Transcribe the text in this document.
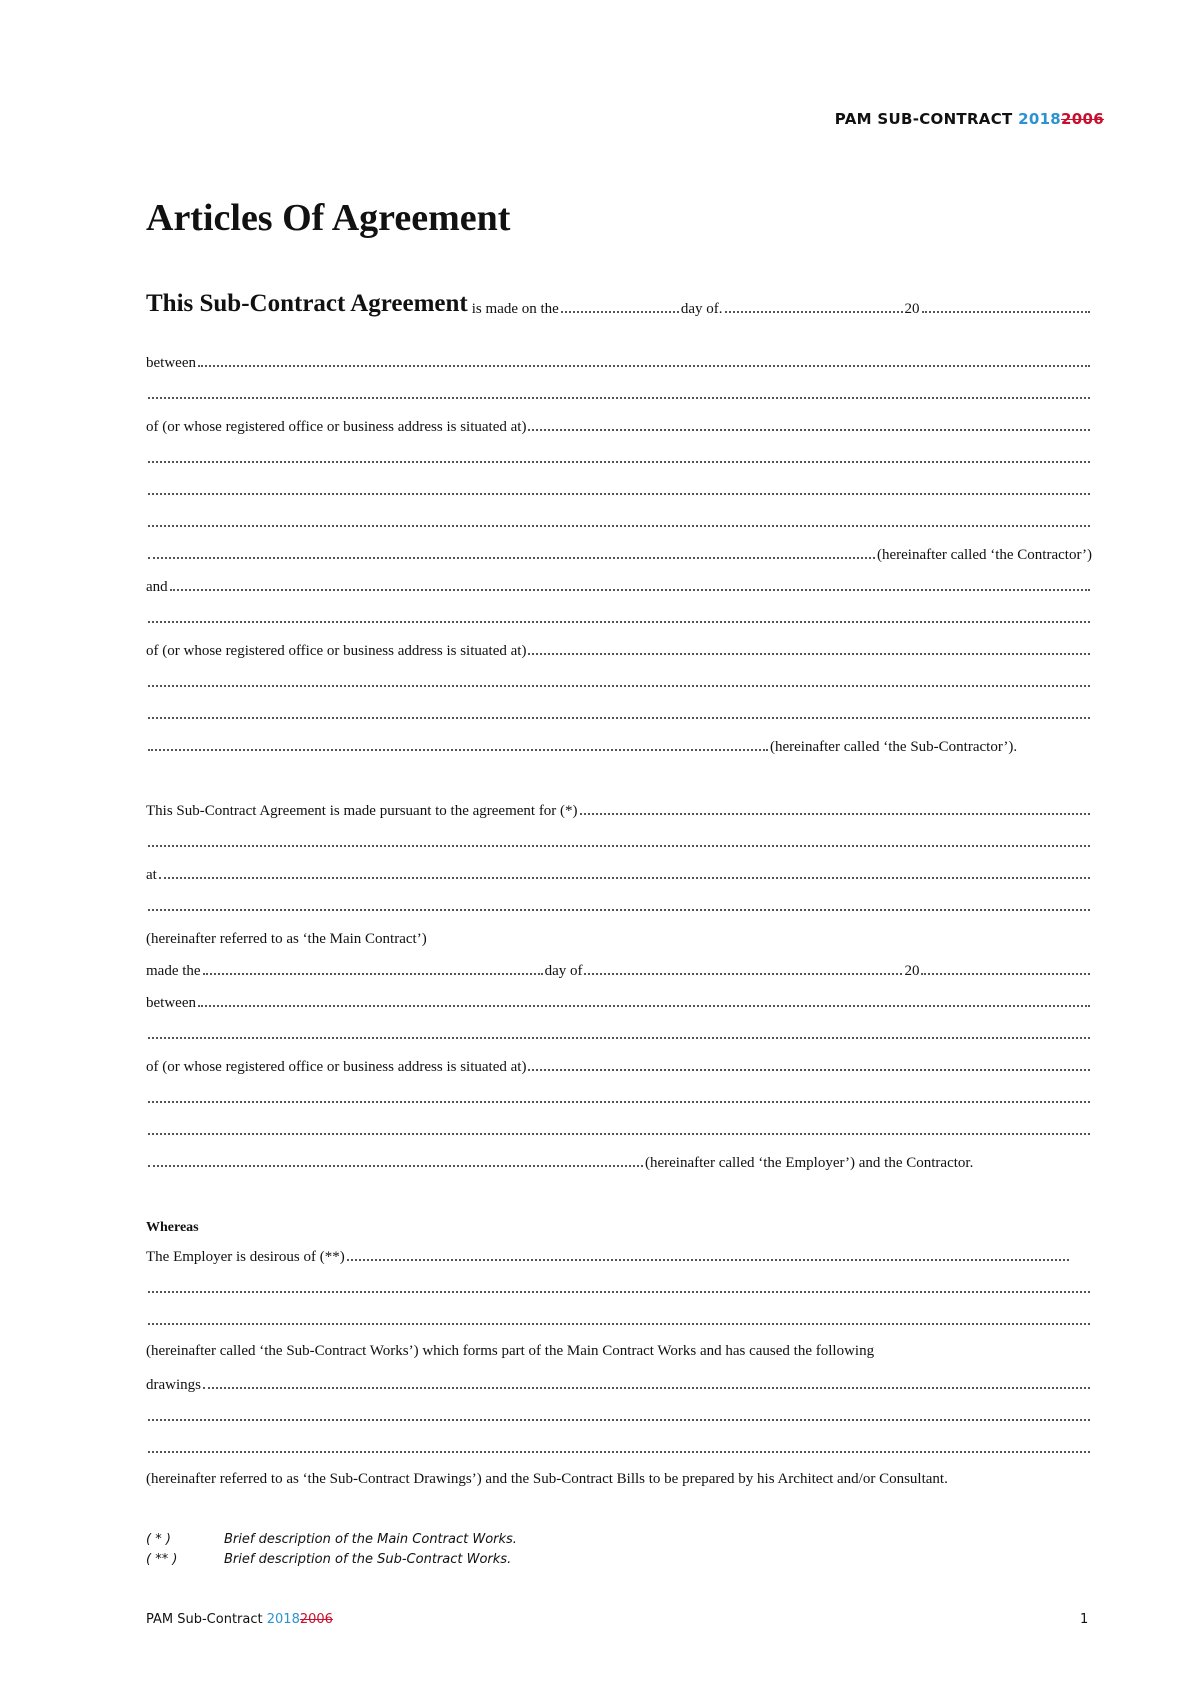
PAM SUB-CONTRACT 20182006
Articles Of Agreement
This Sub-Contract Agreement is made on the	day of.	20
between
of (or whose registered office or business address is situated at)
(hereinafter called ‘the Contractor’)
and
of (or whose registered office or business address is situated at)
(hereinafter called ‘the Sub-Contractor’).
This Sub-Contract Agreement is made pursuant to the agreement for (*)
at
(hereinafter referred to as ‘the Main Contract’)
made the	day of	20
between
of (or whose registered office or business address is situated at)
(hereinafter called ‘the Employer’) and the Contractor.
Whereas
The Employer is desirous of (**)
(hereinafter called ‘the Sub-Contract Works’) which forms part of the Main Contract Works and has caused the following
drawings
(hereinafter referred to as ‘the Sub-Contract Drawings’) and the Sub-Contract Bills to be prepared by his Architect and/or Consultant.
( * )	Brief description of the Main Contract Works.
( ** )	Brief description of the Sub-Contract Works.
PAM Sub-Contract 20182006	1
